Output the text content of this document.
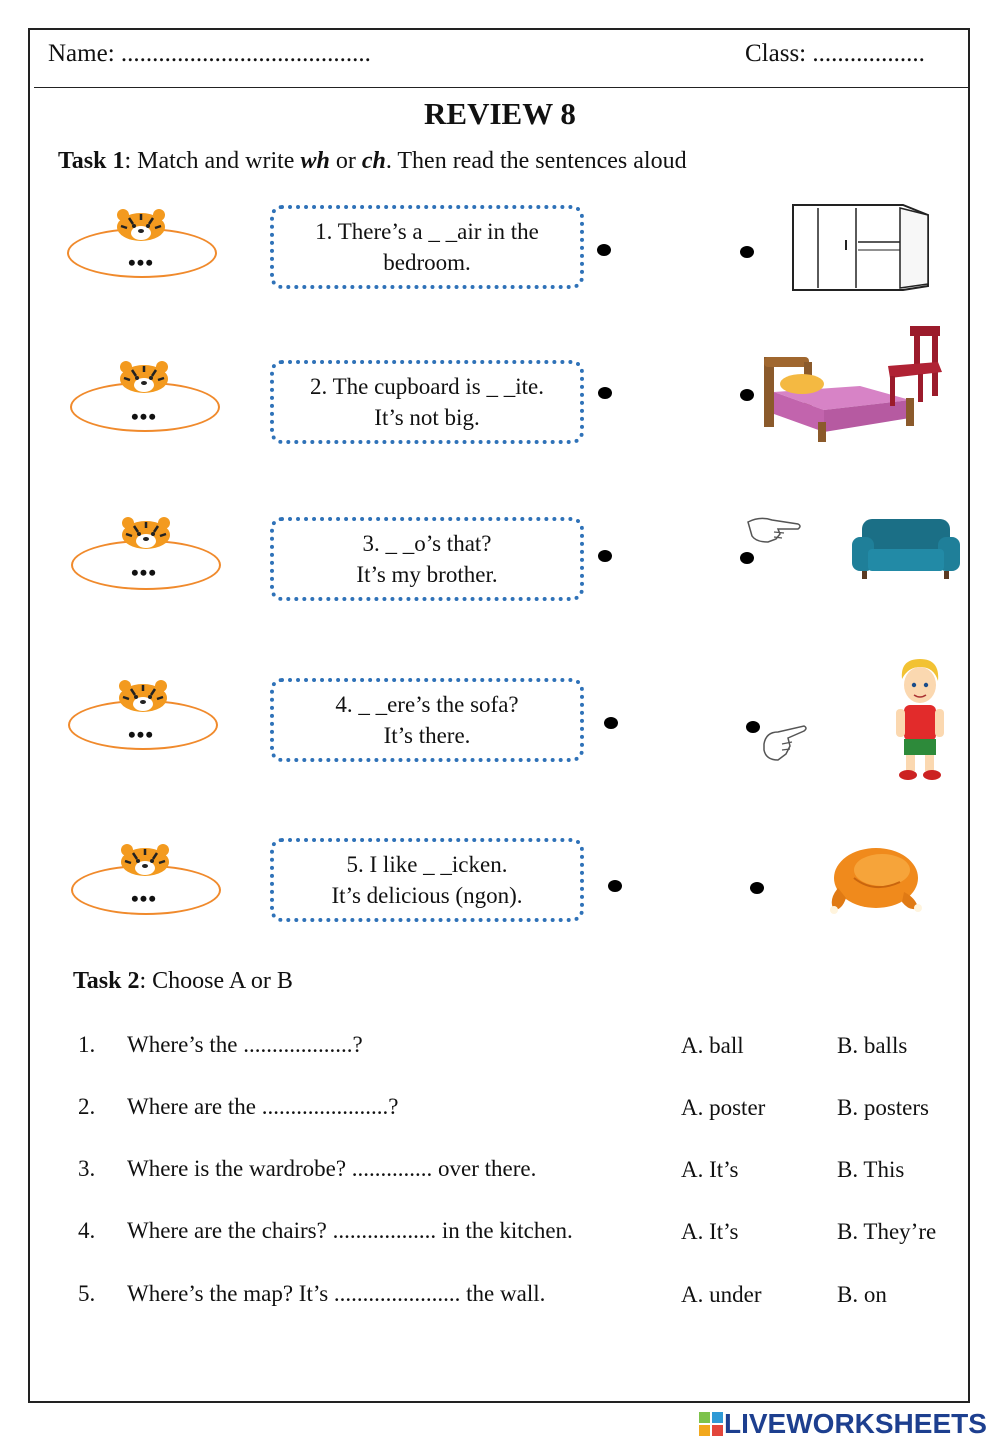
Name: ........................................	Class: ..................
REVIEW 8
Task 1: Match and write wh or ch. Then read the sentences aloud
•••
1. There’s a _ _air in the
bedroom.
•••
2. The cupboard is _ _ite.
It’s not big.
•••
3. _ _o’s that?
It’s my brother.
•••
4. _ _ere’s the sofa?
It’s there.
•••
5. I like _ _icken.
It’s delicious (ngon).
Task 2: Choose A or B
1. Where’s the ...................?	A. ball	B. balls
2. Where are the ......................?	A. poster	B. posters
3. Where is the wardrobe? .............. over there.	A. It’s	B. This
4. Where are the chairs? .................. in the kitchen.	A. It’s	B. They’re
5. Where’s the map? It’s ...................... the wall.	A. under	B. on
LIVEWORKSHEETS
